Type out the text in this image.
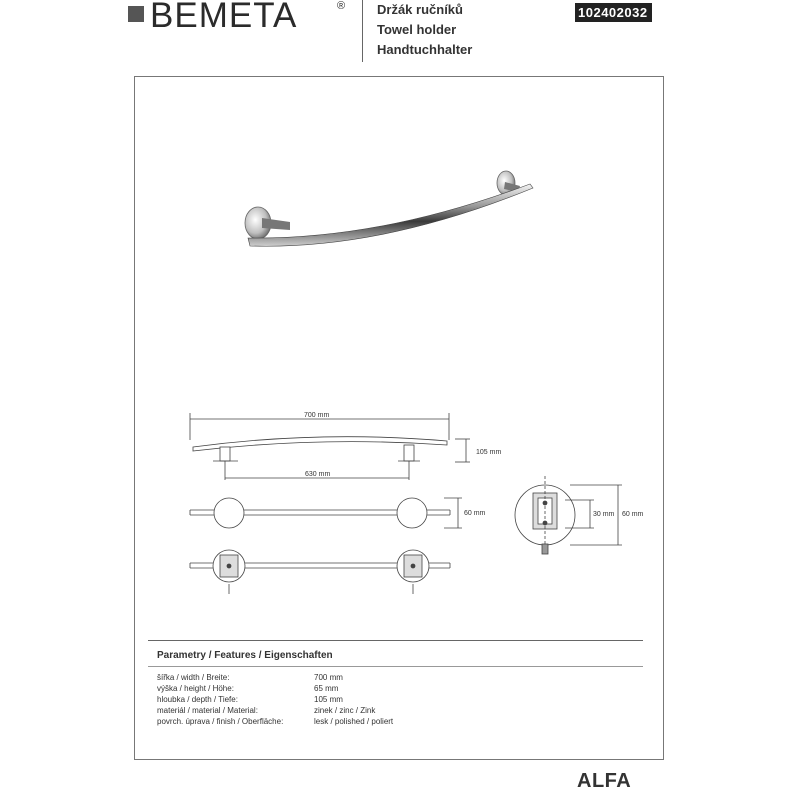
BEMETA	® Držák ručníků
Towel holder
Handtuchhalter
102402032
700 mm
630 mm
105 mm
60 mm	30 mm 60 mm
Parametry / Features / Eigenschaften
šířka / width / Breite:	700 mm
výška / height / Höhe:	65 mm
hloubka / depth / Tiefe:	105 mm
materiál / material / Material:	zinek / zinc / Zink
povrch. úprava / finish / Oberfläche:	lesk / polished / poliert
ALFA
